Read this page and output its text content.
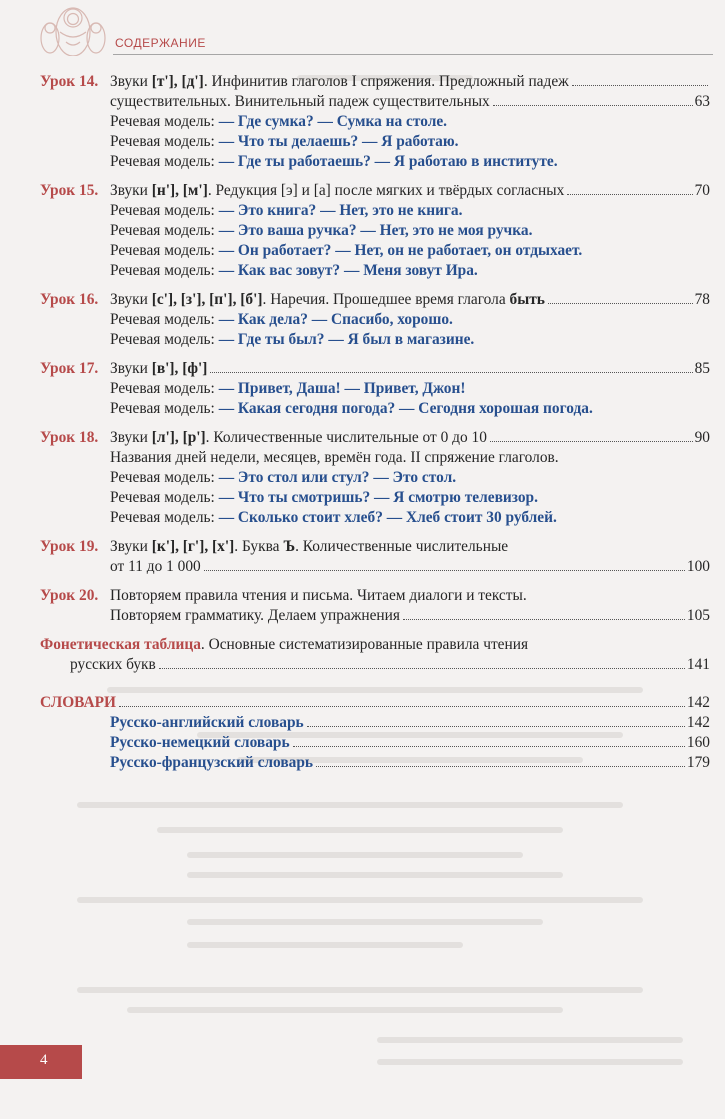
СОДЕРЖАНИЕ
Урок 14. Звуки [т'], [д']. Инфинитив глаголов I спряжения. Предложный падеж
существительных. Винительный падеж существительных	63
Речевая модель: — Где сумка? — Сумка на столе.
Речевая модель: — Что ты делаешь? — Я работаю.
Речевая модель: — Где ты работаешь? — Я работаю в институте.
Урок 15. Звуки [н'], [м']. Редукция [э] и [а] после мягких и твёрдых согласных	70
Речевая модель: — Это книга? — Нет, это не книга.
Речевая модель: — Это ваша ручка? — Нет, это не моя ручка.
Речевая модель: — Он работает? — Нет, он не работает, он отдыхает.
Речевая модель: — Как вас зовут? — Меня зовут Ира.
Урок 16. Звуки [с'], [з'], [п'], [б']. Наречия. Прошедшее время глагола быть	78
Речевая модель: — Как дела? — Спасибо, хорошо.
Речевая модель: — Где ты был? — Я был в магазине.
Урок 17. Звуки [в'], [ф']	85
Речевая модель: — Привет, Даша! — Привет, Джон!
Речевая модель: — Какая сегодня погода? — Сегодня хорошая погода.
Урок 18. Звуки [л'], [р']. Количественные числительные от 0 до 10	90
Названия дней недели, месяцев, времён года. II спряжение глаголов.
Речевая модель: — Это стол или стул? — Это стол.
Речевая модель: — Что ты смотришь? — Я смотрю телевизор.
Речевая модель: — Сколько стоит хлеб? — Хлеб стоит 30 рублей.
Урок 19. Звуки [к'], [г'], [х']. Буква Ъ. Количественные числительные
от 11 до 1 000	100
Урок 20. Повторяем правила чтения и письма. Читаем диалоги и тексты.
Повторяем грамматику. Делаем упражнения	105
Фонетическая таблица. Основные систематизированные правила чтения
русских букв	141
СЛОВАРИ	142
Русско-английский словарь	142
Русско-немецкий словарь	160
Русско-французский словарь	179
4
